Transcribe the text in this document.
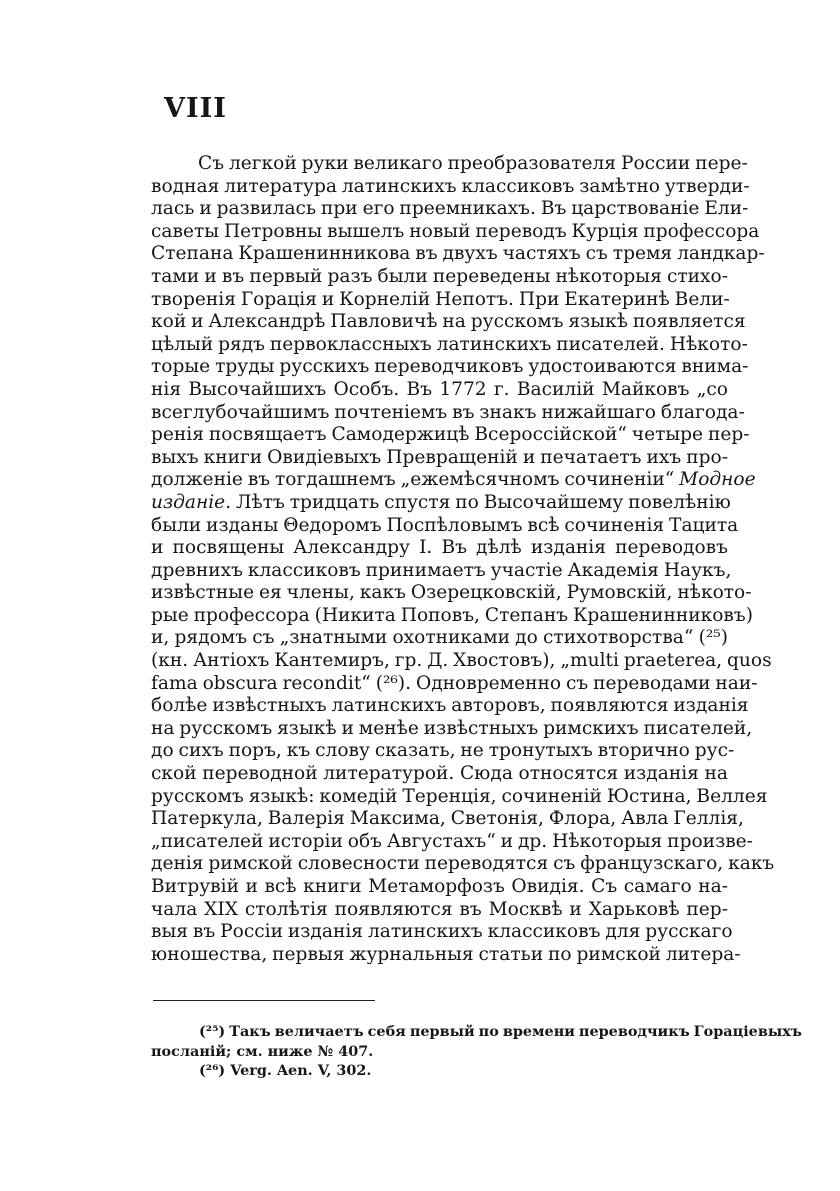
VIII
Съ легкой руки великаго преобразователя России пере-
водная литература латинскихъ классиковъ замѣтно утверди-
лась и развилась при его преемникахъ. Въ царствованіе Ели-
саветы Петровны вышелъ новый переводъ Курція профессора
Степана Крашенинникова въ двухъ частяхъ съ тремя ландкар-
тами и въ первый разъ были переведены нѣкоторыя стихо-
творенія Горація и Корнелій Непотъ. При Екатеринѣ Вели-
кой и Александрѣ Павловичѣ на русскомъ языкѣ появляется
цѣлый рядъ первоклассныхъ латинскихъ писателей. Нѣкото-
торые труды русскихъ переводчиковъ удостоиваются внима-
нія Высочайшихъ Особъ. Въ 1772 г. Василій Майковъ „со
всеглубочайшимъ почтеніемъ въ знакъ нижайшаго благода-
ренія посвящаетъ Самодержицѣ Всероссійской“ четыре пер-
выхъ книги Овидіевыхъ Превращеній и печатаетъ ихъ про-
долженіе въ тогдашнемъ „ежемѣсячномъ сочиненіи“ Модное
изданіе. Лѣтъ тридцать спустя по Высочайшему повелѣнію
были изданы Θедоромъ Поспѣловымъ всѣ сочиненія Тацита
и посвящены Александру I. Въ дѣлѣ изданія переводовъ
древнихъ классиковъ принимаетъ участіе Академія Наукъ,
извѣстные ея члены, какъ Озерецковскій, Румовскій, нѣкото-
рые профессора (Никита Поповъ, Степанъ Крашенинниковъ)
и, рядомъ съ „знатными охотниками до стихотворства“ (²⁵)
(кн. Антіохъ Кантемиръ, гр. Д. Хвостовъ), „multi praeterea, quos
fama obscura recondit“ (²⁶). Одновременно съ переводами наи-
болѣе извѣстныхъ латинскихъ авторовъ, появляются изданія
на русскомъ языкѣ и менѣе извѣстныхъ римскихъ писателей,
до сихъ поръ, къ слову сказать, не тронутыхъ вторично рус-
ской переводной литературой. Сюда относятся изданія на
русскомъ языкѣ: комедій Теренція, сочиненій Юстина, Веллея
Патеркула, Валерія Максима, Светонія, Флора, Авла Геллія,
„писателей исторіи объ Августахъ“ и др. Нѣкоторыя произве-
денія римской словесности переводятся съ французскаго, какъ
Витрувій и всѣ книги Метаморфозъ Овидія. Съ самаго на-
чала XIX столѣтія появляются въ Москвѣ и Харьковѣ пер-
выя въ Россіи изданія латинскихъ классиковъ для русскаго
юношества, первыя журнальныя статьи по римской литера-
(²⁵) Такъ величаетъ себя первый по времени переводчикъ Гораціевыхъ
посланій; см. ниже № 407.
(²⁶) Verg. Aen. V, 302.
